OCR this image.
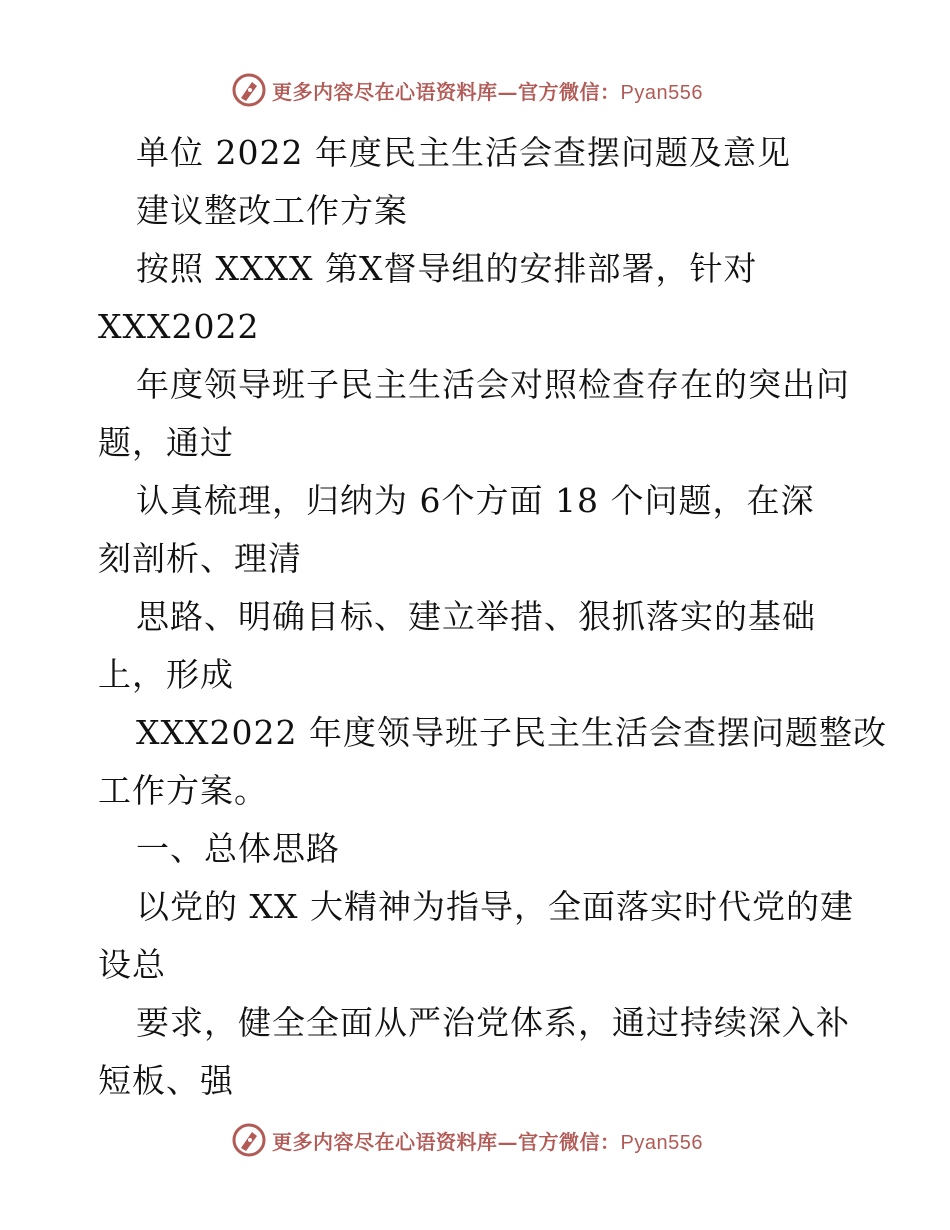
更多内容尽在心语资料库—官方微信：Pyan556
单位 2022 年度民主生活会查摆问题及意见
建议整改工作方案
按照 XXXX 第X督导组的安排部署，针对
XXX2022
年度领导班子民主生活会对照检查存在的突出问
题，通过
认真梳理，归纳为 6个方面 18 个问题，在深
刻剖析、理清
思路、明确目标、建立举措、狠抓落实的基础
上，形成
XXX2022 年度领导班子民主生活会查摆问题整改
工作方案。
一、总体思路
以党的 XX 大精神为指导，全面落实时代党的建
设总
要求，健全全面从严治党体系，通过持续深入补
短板、强
更多内容尽在心语资料库—官方微信：Pyan556
